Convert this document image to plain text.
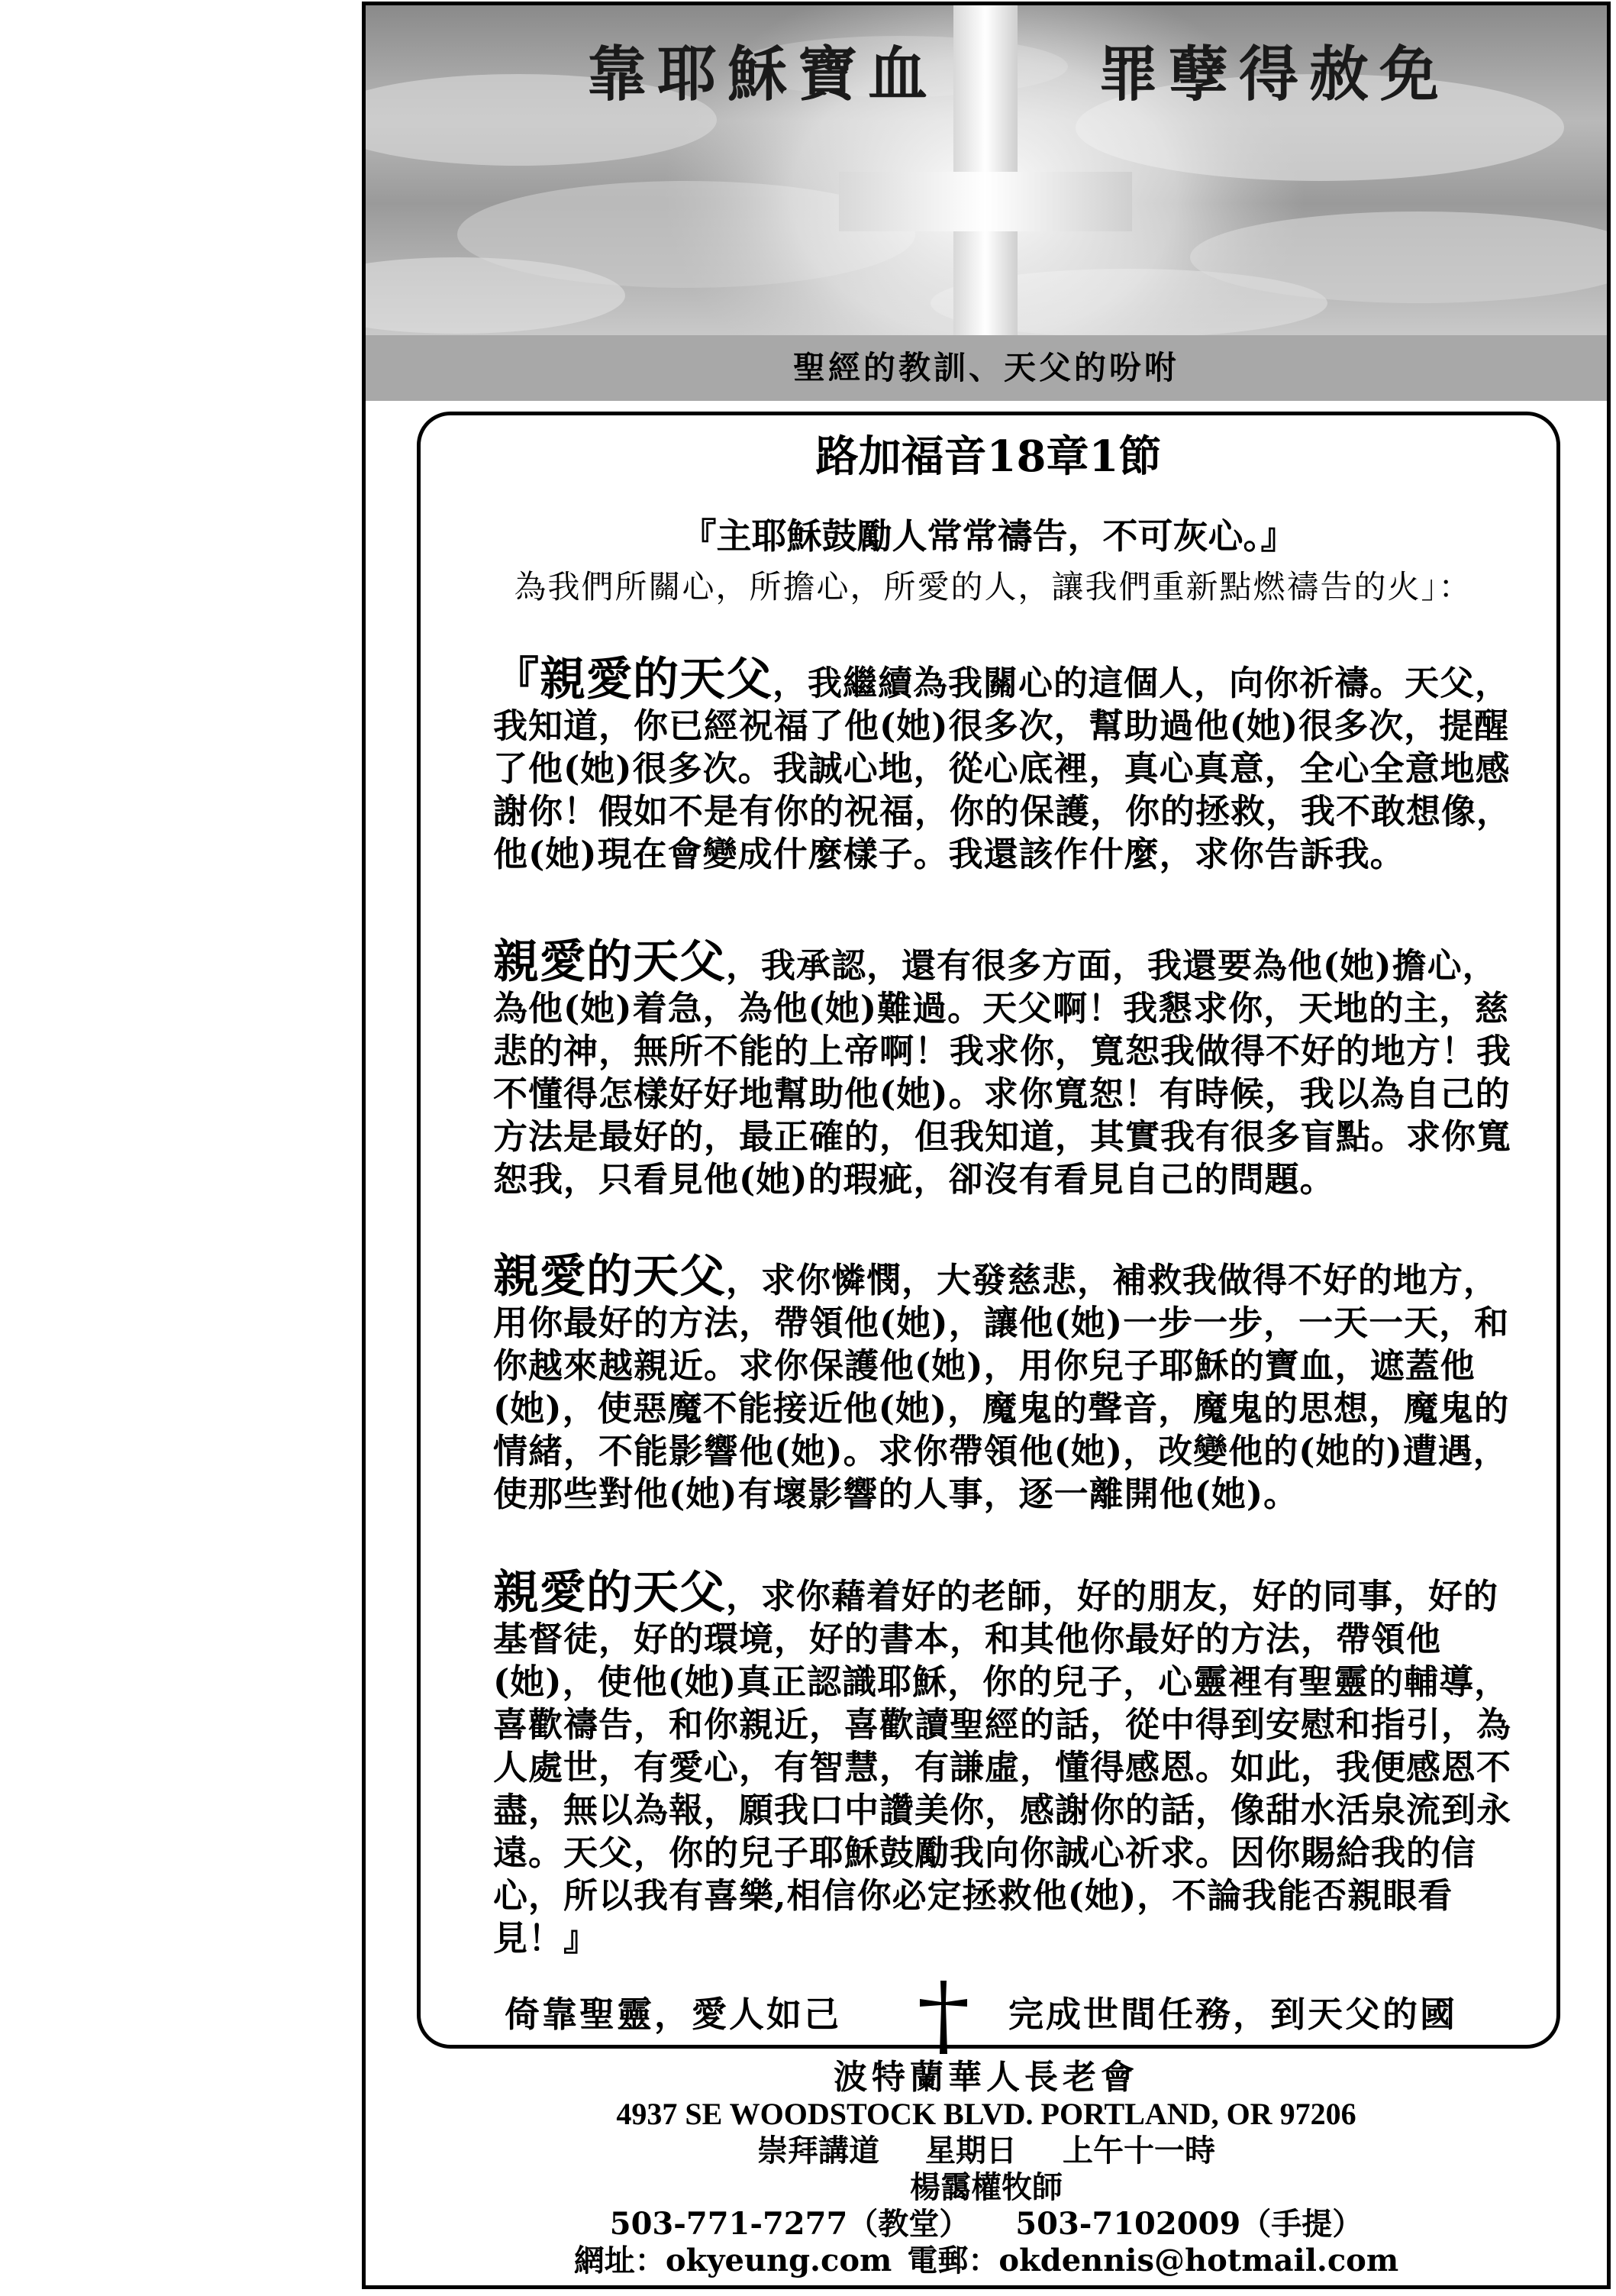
靠耶穌寶血	罪孽得赦免
聖經的教訓、天父的吩咐
路加福音18章1節
『主耶穌鼓勵人常常禱告，不可灰心。』
為我們所關心，所擔心，所愛的人，讓我們重新點燃禱告的火」：
『親愛的天父，我繼續為我關心的這個人，向你祈禱。天父，我知道，你已經祝福了他(她)很多次，幫助過他(她)很多次，提醒了他(她)很多次。我誠心地，從心底裡，真心真意，全心全意地感謝你！假如不是有你的祝福，你的保護，你的拯救，我不敢想像，他(她)現在會變成什麼樣子。我還該作什麼，求你告訴我。
親愛的天父，我承認，還有很多方面，我還要為他(她)擔心，為他(她)着急，為他(她)難過。天父啊！我懇求你，天地的主，慈悲的神，無所不能的上帝啊！我求你，寬恕我做得不好的地方！我不懂得怎樣好好地幫助他(她)。求你寬恕！有時候，我以為自己的方法是最好的，最正確的，但我知道，其實我有很多盲點。求你寬恕我，只看見他(她)的瑕疵，卻沒有看見自己的問題。
親愛的天父，求你憐憫，大發慈悲，補救我做得不好的地方，用你最好的方法，帶領他(她)，讓他(她)一步一步，一天一天，和你越來越親近。求你保護他(她)，用你兒子耶穌的寶血，遮蓋他(她)，使惡魔不能接近他(她)，魔鬼的聲音，魔鬼的思想，魔鬼的情緒，不能影響他(她)。求你帶領他(她)，改變他的(她的)遭遇，使那些對他(她)有壞影響的人事，逐一離開他(她)。
親愛的天父，求你藉着好的老師，好的朋友，好的同事，好的基督徒，好的環境，好的書本，和其他你最好的方法，帶領他(她)，使他(她)真正認識耶穌，你的兒子，心靈裡有聖靈的輔導，喜歡禱告，和你親近，喜歡讀聖經的話，從中得到安慰和指引，為人處世，有愛心，有智慧，有謙虛，懂得感恩。如此，我便感恩不盡，無以為報，願我口中讚美你，感謝你的話，像甜水活泉流到永遠。天父，你的兒子耶穌鼓勵我向你誠心祈求。因你賜給我的信心，所以我有喜樂,相信你必定拯救他(她)，不論我能否親眼看見！』
倚靠聖靈，愛人如己	完成世間任務，到天父的國
波特蘭華人長老會
4937 SE WOODSTOCK BLVD. PORTLAND, OR 97206
崇拜講道 星期日 上午十一時
楊靄權牧師
503-771-7277（教堂） 503-7102009（手提）
網址：okyeung.com 電郵：okdennis@hotmail.com
